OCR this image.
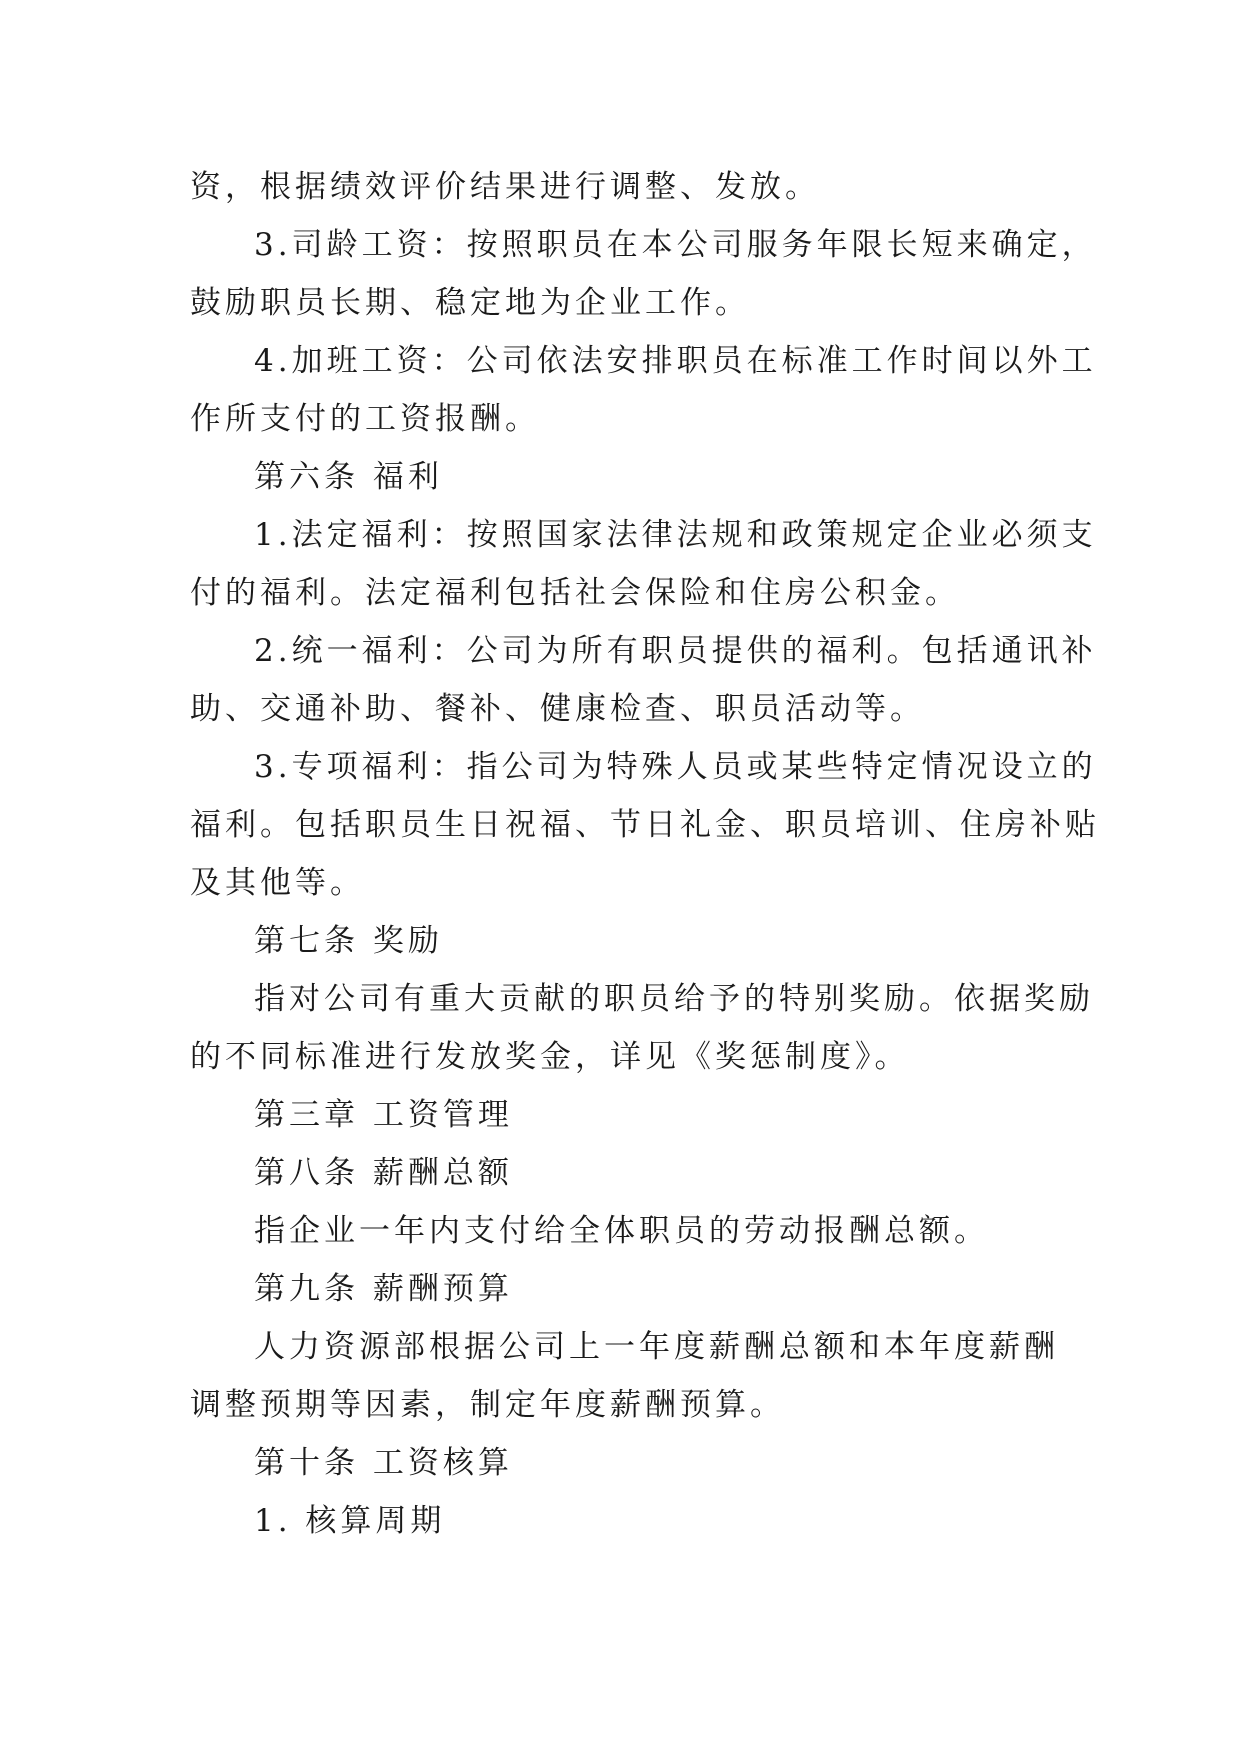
资，根据绩效评价结果进行调整、发放。
3.司龄工资：按照职员在本公司服务年限长短来确定，
鼓励职员长期、稳定地为企业工作。
4.加班工资：公司依法安排职员在标准工作时间以外工
作所支付的工资报酬。
第六条 福利
1.法定福利：按照国家法律法规和政策规定企业必须支
付的福利。法定福利包括社会保险和住房公积金。
2.统一福利：公司为所有职员提供的福利。包括通讯补
助、交通补助、餐补、健康检查、职员活动等。
3.专项福利：指公司为特殊人员或某些特定情况设立的
福利。包括职员生日祝福、节日礼金、职员培训、住房补贴
及其他等。
第七条 奖励
指对公司有重大贡献的职员给予的特别奖励。依据奖励
的不同标准进行发放奖金，详见《奖惩制度》。
第三章 工资管理
第八条 薪酬总额
指企业一年内支付给全体职员的劳动报酬总额。
第九条 薪酬预算
人力资源部根据公司上一年度薪酬总额和本年度薪酬
调整预期等因素，制定年度薪酬预算。
第十条 工资核算
1. 核算周期
